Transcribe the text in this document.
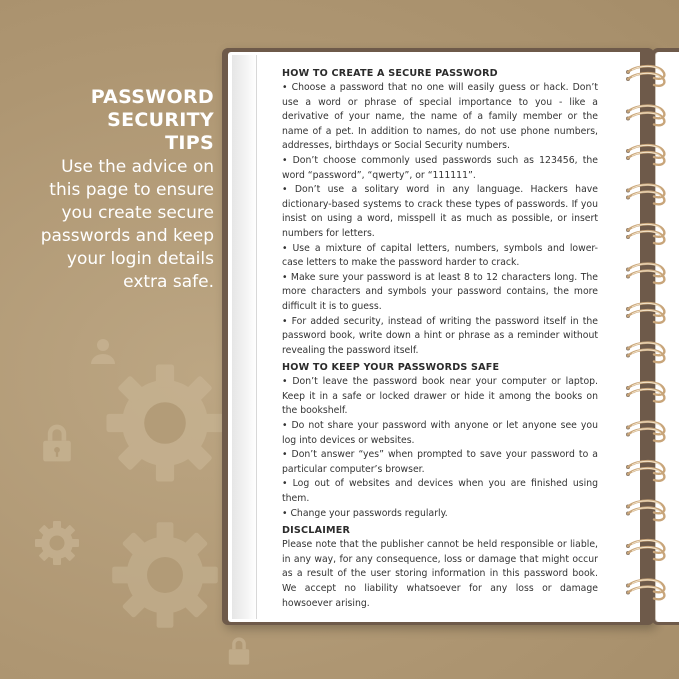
PASSWORD
SECURITY
TIPS
Use the advice on
this page to ensure
you create secure
passwords and keep
your login details
extra safe.
HOW TO CREATE A SECURE PASSWORD

• Choose a password that no one will easily guess or hack. Don’t use a word or phrase of special importance to you - like a derivative of your name, the name of a family member or the name of a pet. In addition to names, do not use phone numbers, addresses, birthdays or Social Security numbers.

• Don’t choose commonly used passwords such as 123456, the word “password”, “qwerty”, or “111111”.

• Don’t use a solitary word in any language. Hackers have dictionary-based systems to crack these types of passwords. If you insist on using a word, misspell it as much as possible, or insert numbers for letters.

• Use a mixture of capital letters, numbers, symbols and lower-case letters to make the password harder to crack.

• Make sure your password is at least 8 to 12 characters long. The more characters and symbols your password contains, the more difficult it is to guess.

• For added security, instead of writing the password itself in the password book, write down a hint or phrase as a reminder without revealing the password itself.

HOW TO KEEP YOUR PASSWORDS SAFE

• Don’t leave the password book near your computer or laptop. Keep it in a safe or locked drawer or hide it among the books on the bookshelf.

• Do not share your password with anyone or let anyone see you log into devices or websites.

• Don’t answer “yes” when prompted to save your password to a particular computer’s browser.

• Log out of websites and devices when you are finished using them.

• Change your passwords regularly.

DISCLAIMER

Please note that the publisher cannot be held responsible or liable, in any way, for any consequence, loss or damage that might occur as a result of the user storing information in this password book. We accept no liability whatsoever for any loss or damage howsoever arising.
